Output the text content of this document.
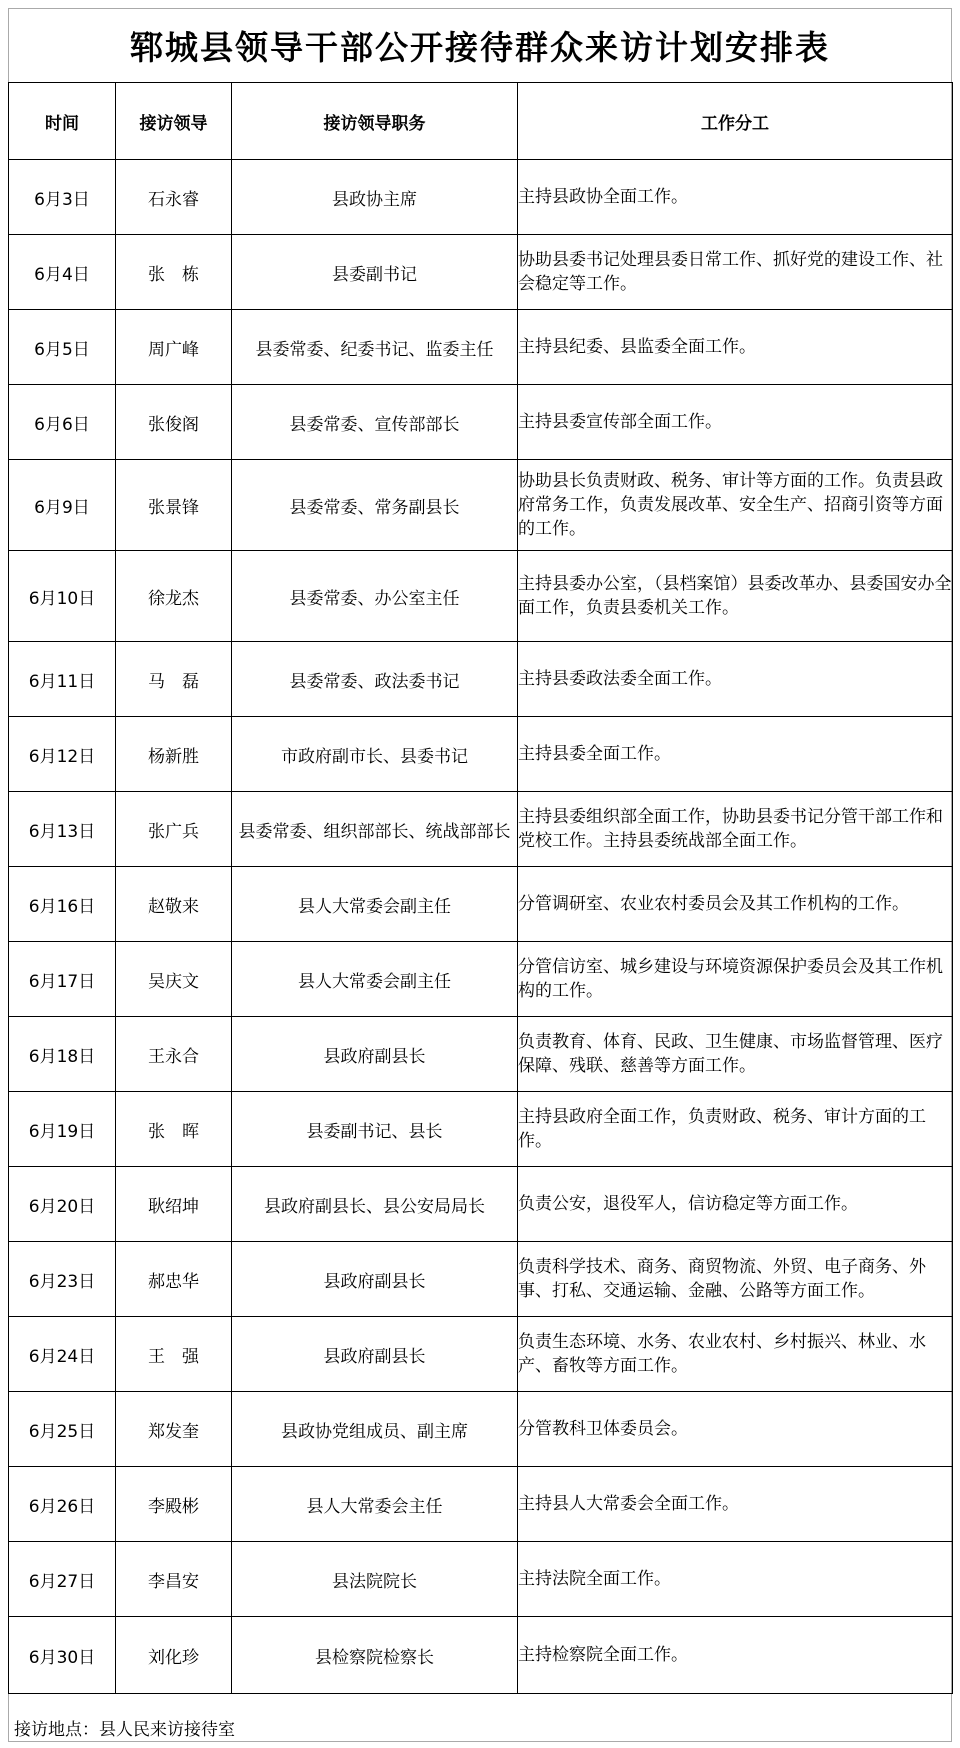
郓城县领导干部公开接待群众来访计划安排表
时间	接访领导	接访领导职务	工作分工
6月3日	石永睿	县政协主席	主持县政协全面工作。
6月4日	张　栋	县委副书记	协助县委书记处理县委日常工作、抓好党的建设工作、社会稳定等工作。
6月5日	周广峰	县委常委、纪委书记、监委主任	主持县纪委、县监委全面工作。
6月6日	张俊阁	县委常委、宣传部部长	主持县委宣传部全面工作。
6月9日	张景锋	县委常委、常务副县长	协助县长负责财政、税务、审计等方面的工作。负责县政府常务工作，负责发展改革、安全生产、招商引资等方面的工作。
6月10日	徐龙杰	县委常委、办公室主任	主持县委办公室，（县档案馆）县委改革办、县委国安办全面工作，负责县委机关工作。
6月11日	马　磊	县委常委、政法委书记	主持县委政法委全面工作。
6月12日	杨新胜	市政府副市长、县委书记	主持县委全面工作。
6月13日	张广兵	县委常委、组织部部长、统战部部长	主持县委组织部全面工作，协助县委书记分管干部工作和党校工作。主持县委统战部全面工作。
6月16日	赵敬来	县人大常委会副主任	分管调研室、农业农村委员会及其工作机构的工作。
6月17日	吴庆文	县人大常委会副主任	分管信访室、城乡建设与环境资源保护委员会及其工作机构的工作。
6月18日	王永合	县政府副县长	负责教育、体育、民政、卫生健康、市场监督管理、医疗保障、残联、慈善等方面工作。
6月19日	张　晖	县委副书记、县长	主持县政府全面工作，负责财政、税务、审计方面的工作。
6月20日	耿绍坤	县政府副县长、县公安局局长	负责公安，退役军人，信访稳定等方面工作。
6月23日	郝忠华	县政府副县长	负责科学技术、商务、商贸物流、外贸、电子商务、外事、打私、交通运输、金融、公路等方面工作。
6月24日	王　强	县政府副县长	负责生态环境、水务、农业农村、乡村振兴、林业、水产、畜牧等方面工作。
6月25日	郑发奎	县政协党组成员、副主席	分管教科卫体委员会。
6月26日	李殿彬	县人大常委会主任	主持县人大常委会全面工作。
6月27日	李昌安	县法院院长	主持法院全面工作。
6月30日	刘化珍	县检察院检察长	主持检察院全面工作。
接访地点：县人民来访接待室
